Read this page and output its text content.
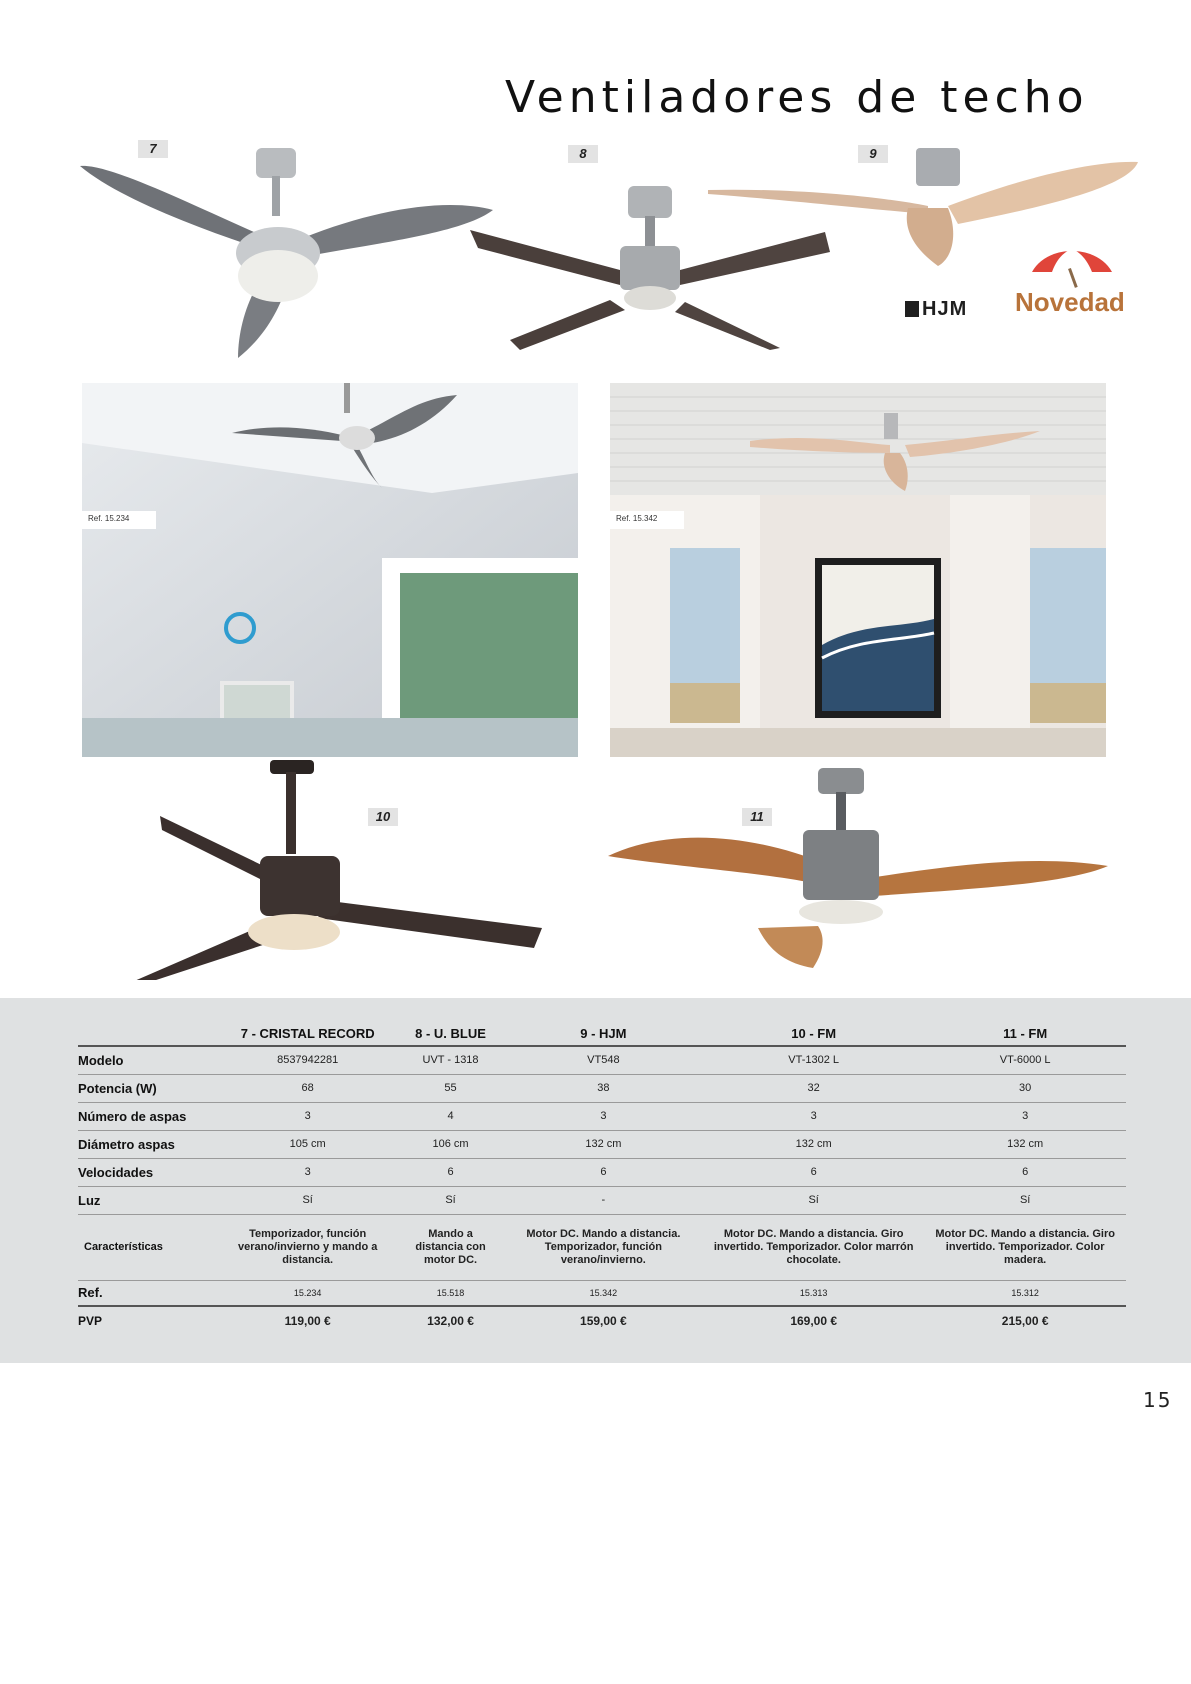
Ventiladores de techo
7	8	9
HJM Novedad
Ref. 15.234	Ref. 15.342
10	11
	7 - CRISTAL RECORD	8 - U. BLUE	9 - HJM	10 - FM	11 - FM
Modelo	8537942281	UVT - 1318	VT548	VT-1302 L	VT-6000 L
Potencia (W)	68	55	38	32	30
Número de aspas	3	4	3	3	3
Diámetro aspas	105 cm	106 cm	132 cm	132 cm	132 cm
Velocidades	3	6	6	6	6
Luz	Sí	Sí	-	Sí	Sí
Características	Temporizador, función verano/invierno y mando a distancia.	Mando a distancia con motor DC.	Motor DC. Mando a distancia. Temporizador, función verano/invierno.	Motor DC. Mando a distancia. Giro invertido. Temporizador. Color marrón chocolate.	Motor DC. Mando a distancia. Giro invertido. Temporizador. Color madera.
Ref.	15.234	15.518	15.342	15.313	15.312
PVP	119,00 €	132,00 €	159,00 €	169,00 €	215,00 €
15
